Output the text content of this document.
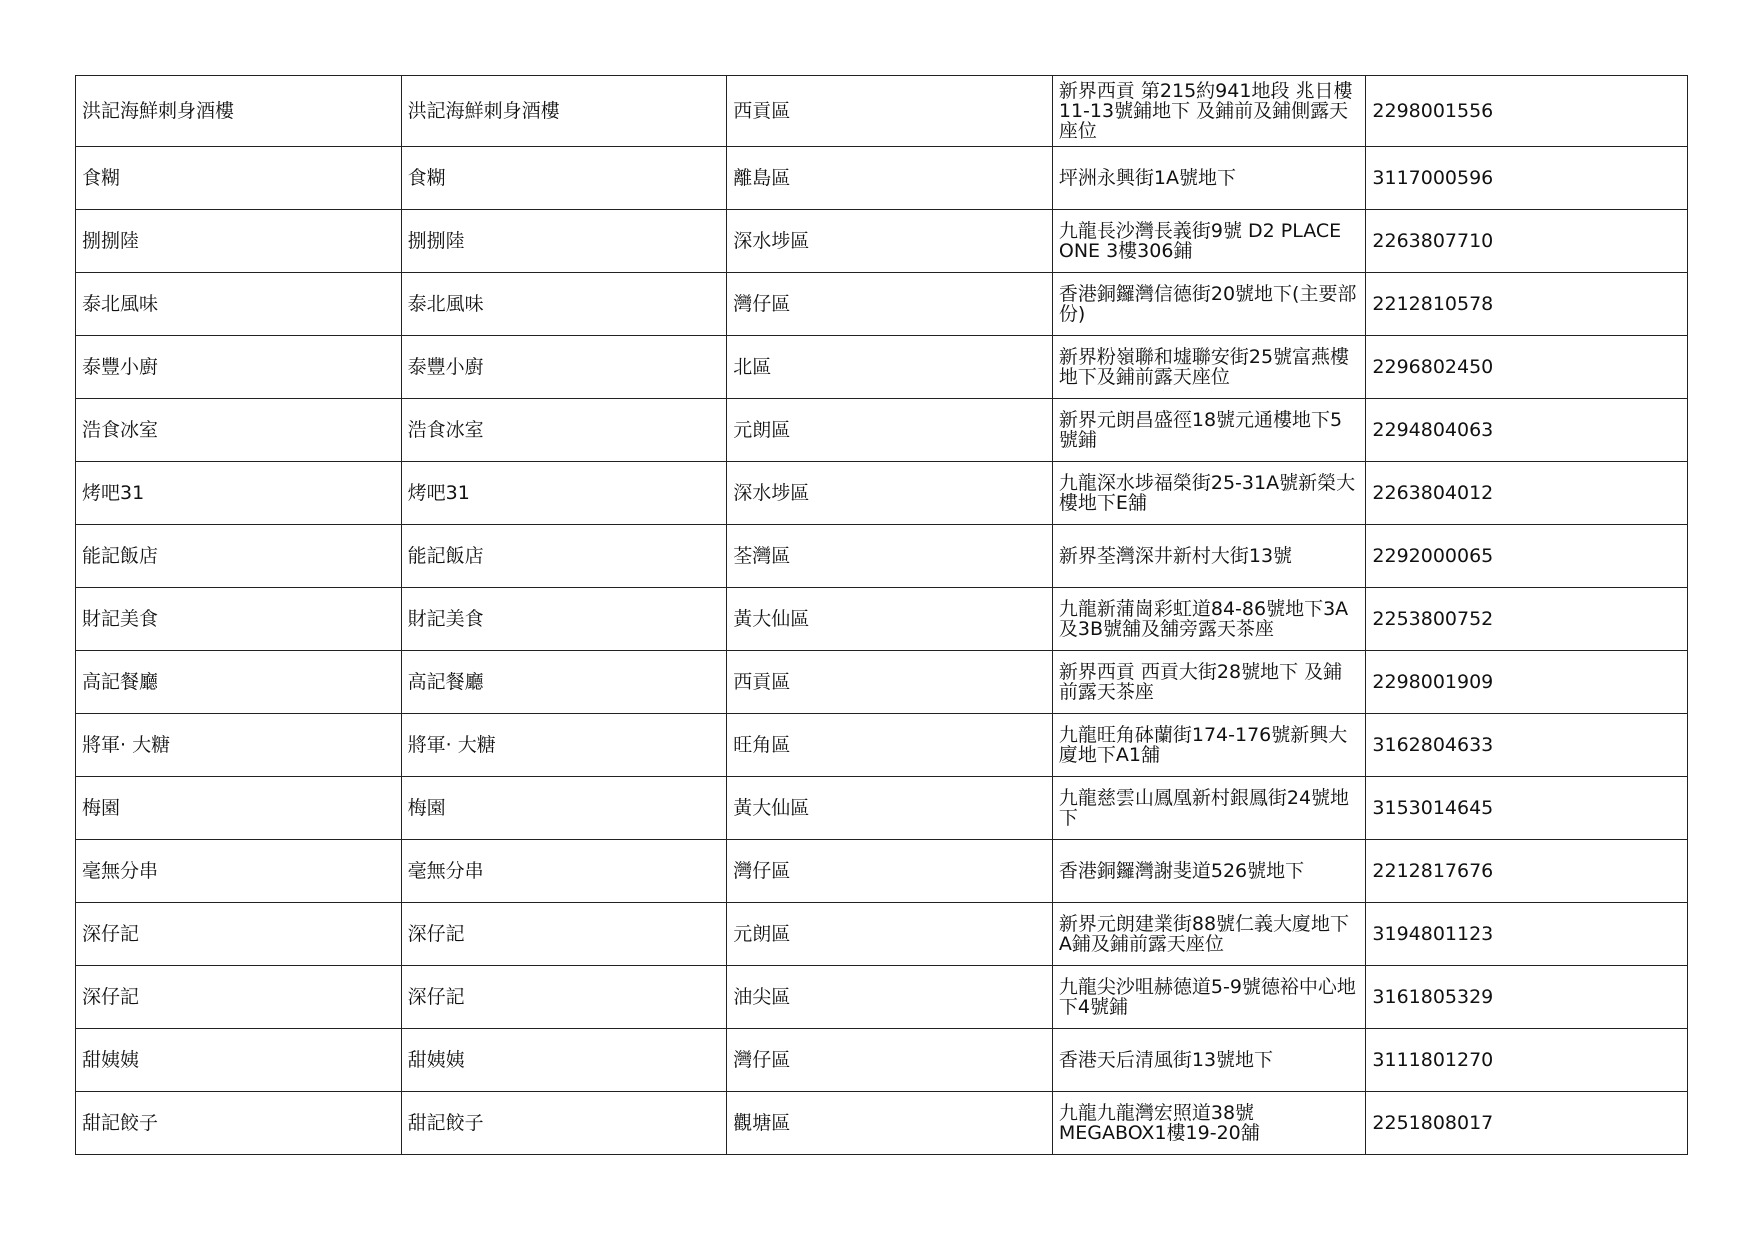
洪記海鮮刺身酒樓	洪記海鮮刺身酒樓	西貢區	新界西貢 第215約941地段 兆日樓11-13號鋪地下 及鋪前及鋪側露天座位	2298001556
食糊	食糊	離島區	坪洲永興街1A號地下	3117000596
捌捌陸	捌捌陸	深水埗區	九龍長沙灣長義街9號 D2 PLACE ONE 3樓306鋪	2263807710
泰北風味	泰北風味	灣仔區	香港銅鑼灣信德街20號地下(主要部份)	2212810578
泰豐小廚	泰豐小廚	北區	新界粉嶺聯和墟聯安街25號富燕樓地下及鋪前露天座位	2296802450
浩食冰室	浩食冰室	元朗區	新界元朗昌盛徑18號元通樓地下5號鋪	2294804063
烤吧31	烤吧31	深水埗區	九龍深水埗福榮街25-31A號新榮大樓地下E舖	2263804012
能記飯店	能記飯店	荃灣區	新界荃灣深井新村大街13號	2292000065
財記美食	財記美食	黃大仙區	九龍新蒲崗彩虹道84-86號地下3A及3B號舖及舖旁露天茶座	2253800752
高記餐廳	高記餐廳	西貢區	新界西貢 西貢大街28號地下 及鋪前露天茶座	2298001909
將軍· 大糖	將軍· 大糖	旺角區	九龍旺角砵蘭街174-176號新興大廈地下A1舖	3162804633
梅園	梅園	黃大仙區	九龍慈雲山鳳凰新村銀鳳街24號地下	3153014645
毫無分串	毫無分串	灣仔區	香港銅鑼灣謝斐道526號地下	2212817676
深仔記	深仔記	元朗區	新界元朗建業街88號仁義大廈地下A鋪及鋪前露天座位	3194801123
深仔記	深仔記	油尖區	九龍尖沙咀赫德道5-9號德裕中心地下4號鋪	3161805329
甜姨姨	甜姨姨	灣仔區	香港天后清風街13號地下	3111801270
甜記餃子	甜記餃子	觀塘區	九龍九龍灣宏照道38號MEGABOX1樓19-20舖	2251808017
